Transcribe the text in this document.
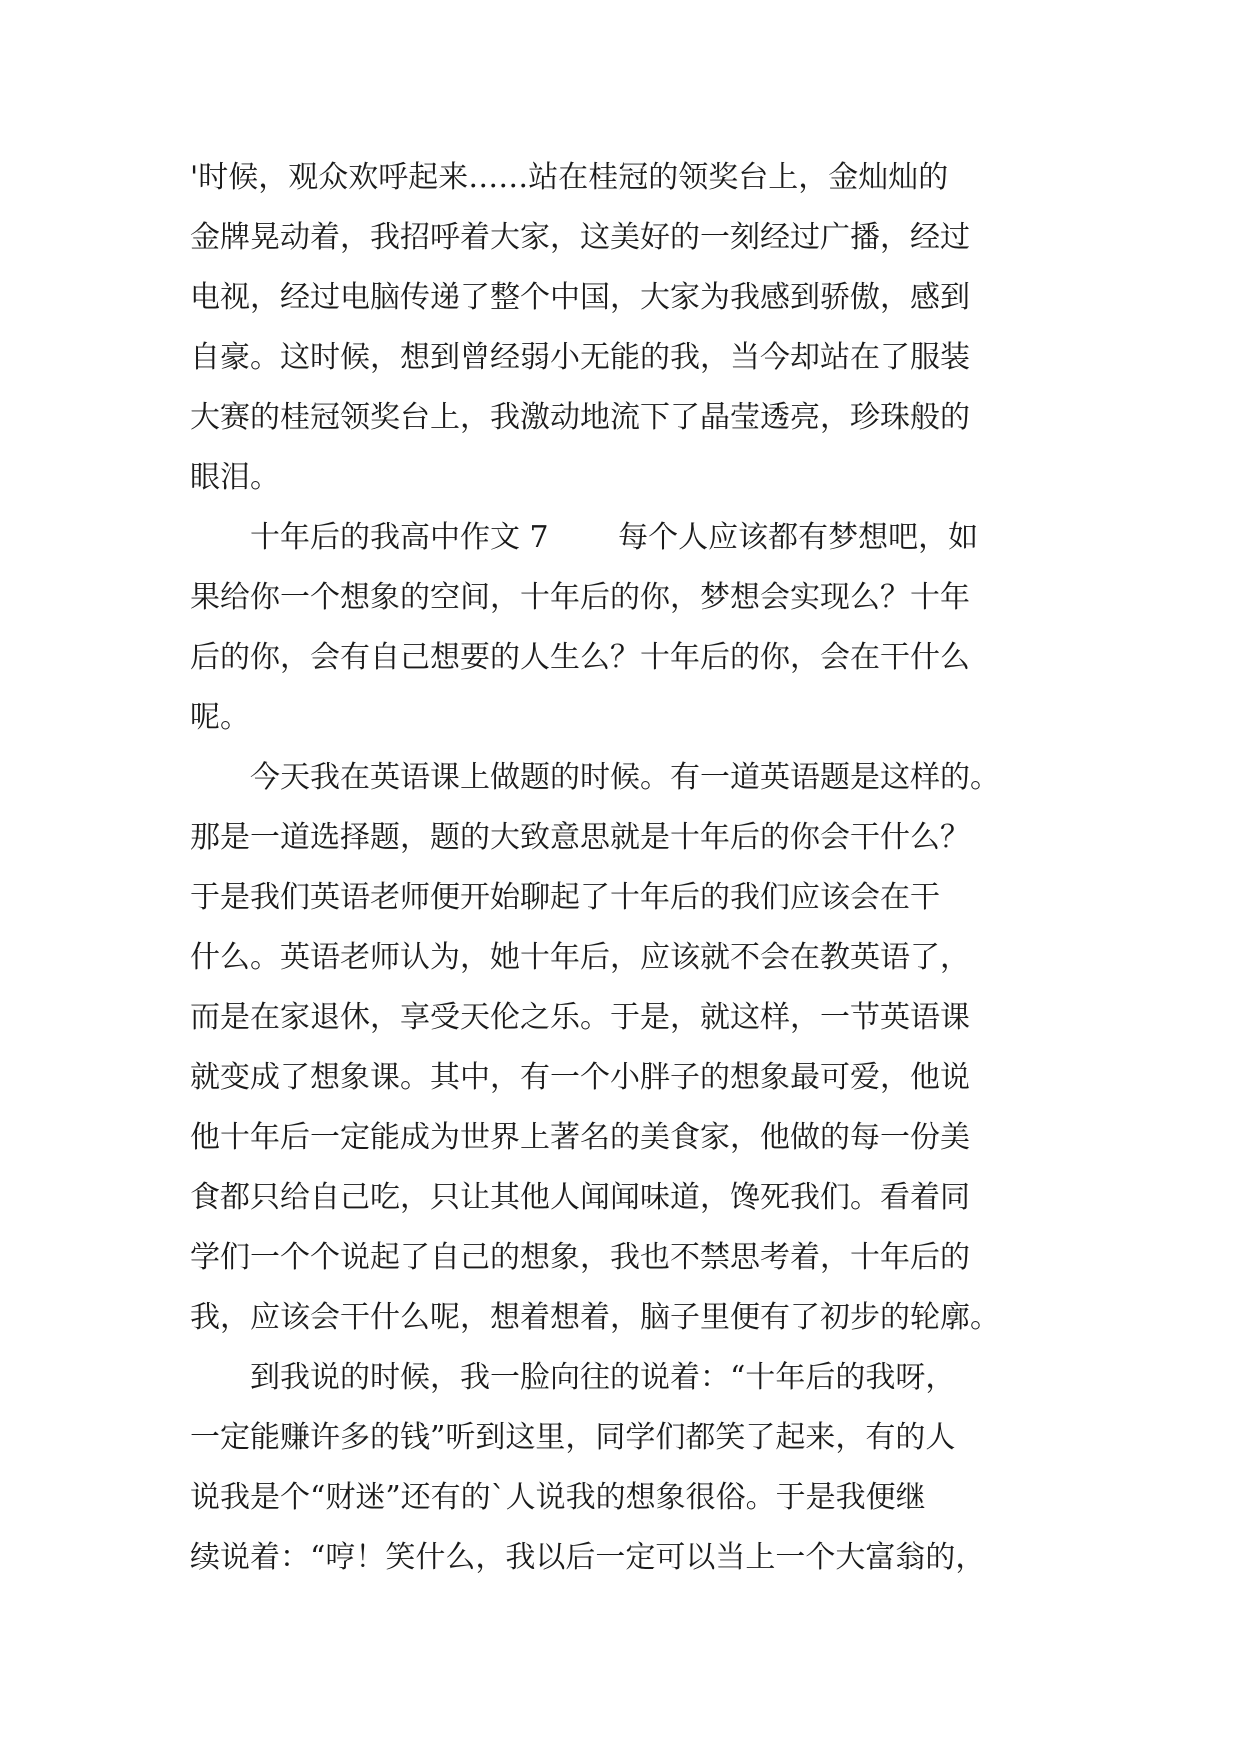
'时候，观众欢呼起来……站在桂冠的领奖台上，金灿灿的
金牌晃动着，我招呼着大家，这美好的一刻经过广播，经过
电视，经过电脑传递了整个中国，大家为我感到骄傲，感到
自豪。这时候，想到曾经弱小无能的我，当今却站在了服装
大赛的桂冠领奖台上，我激动地流下了晶莹透亮，珍珠般的
眼泪。

　　十年后的我高中作文 7　　 每个人应该都有梦想吧，如
果给你一个想象的空间，十年后的你，梦想会实现么？十年
后的你，会有自己想要的人生么？十年后的你，会在干什么
呢。

　　今天我在英语课上做题的时候。有一道英语题是这样的。
那是一道选择题，题的大致意思就是十年后的你会干什么？
于是我们英语老师便开始聊起了十年后的我们应该会在干
什么。英语老师认为，她十年后，应该就不会在教英语了，
而是在家退休，享受天伦之乐。于是，就这样，一节英语课
就变成了想象课。其中，有一个小胖子的想象最可爱，他说
他十年后一定能成为世界上著名的美食家，他做的每一份美
食都只给自己吃，只让其他人闻闻味道，馋死我们。看着同
学们一个个说起了自己的想象，我也不禁思考着，十年后的
我，应该会干什么呢，想着想着，脑子里便有了初步的轮廓。

　　到我说的时候，我一脸向往的说着：“十年后的我呀，
一定能赚许多的钱”听到这里，同学们都笑了起来，有的人
说我是个“财迷”还有的`人说我的想象很俗。于是我便继
续说着：“哼！笑什么，我以后一定可以当上一个大富翁的，
